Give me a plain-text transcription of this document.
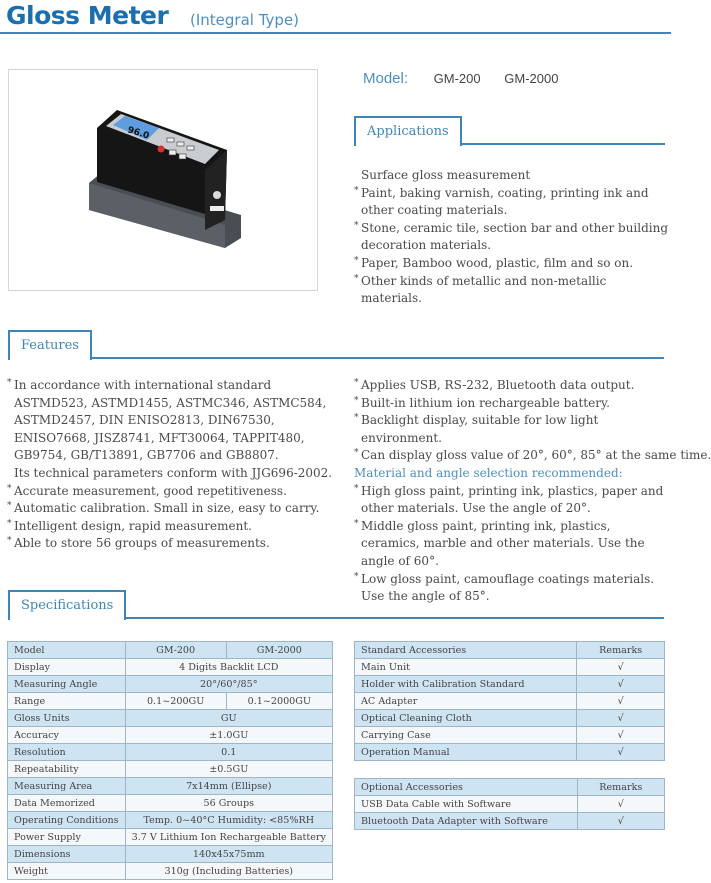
Gloss Meter (Integral Type)
96.0
Model: GM-200 GM-2000
Applications
Surface gloss measurement
* Paint, baking varnish, coating, printing ink and other coating materials.
* Stone, ceramic tile, section bar and other building decoration materials.
* Paper, Bamboo wood, plastic, film and so on.
* Other kinds of metallic and non-metallic materials.
Features
* In accordance with international standard ASTMD523, ASTMD1455, ASTMC346, ASTMC584, ASTMD2457, DIN ENISO2813, DIN67530, ENISO7668, JISZ8741, MFT30064, TAPPIT480, GB9754, GB/T13891, GB7706 and GB8807.
Its technical parameters conform with JJG696-2002.
* Accurate measurement, good repetitiveness.
* Automatic calibration. Small in size, easy to carry.
* Intelligent design, rapid measurement.
* Able to store 56 groups of measurements.
* Applies USB, RS-232, Bluetooth data output.
* Built-in lithium ion rechargeable battery.
* Backlight display, suitable for low light environment.
* Can display gloss value of 20°, 60°, 85° at the same time.
Material and angle selection recommended:
* High gloss paint, printing ink, plastics, paper and other materials. Use the angle of 20°.
* Middle gloss paint, printing ink, plastics, ceramics, marble and other materials. Use the angle of 60°.
* Low gloss paint, camouflage coatings materials. Use the angle of 85°.
Specifications
Model	GM-200	GM-2000
Display	4 Digits Backlit LCD	
Measuring Angle	20°/60°/85°	
Range	0.1~200GU	0.1~2000GU
Gloss Units	GU	
Accuracy	±1.0GU	
Resolution	0.1	
Repeatability	±0.5GU	
Measuring Area	7x14mm (Ellipse)	
Data Memorized	56 Groups	
Operating Conditions	Temp. 0~40°C Humidity: <85%RH	
Power Supply	3.7 V Lithium Ion Rechargeable Battery	
Dimensions	140x45x75mm	
Weight	310g (Including Batteries)	
Standard Accessories	Remarks
Main Unit	√
Holder with Calibration Standard	√
AC Adapter	√
Optical Cleaning Cloth	√
Carrying Case	√
Operation Manual	√
Optional Accessories	Remarks
USB Data Cable with Software	√
Bluetooth Data Adapter with Software	√
